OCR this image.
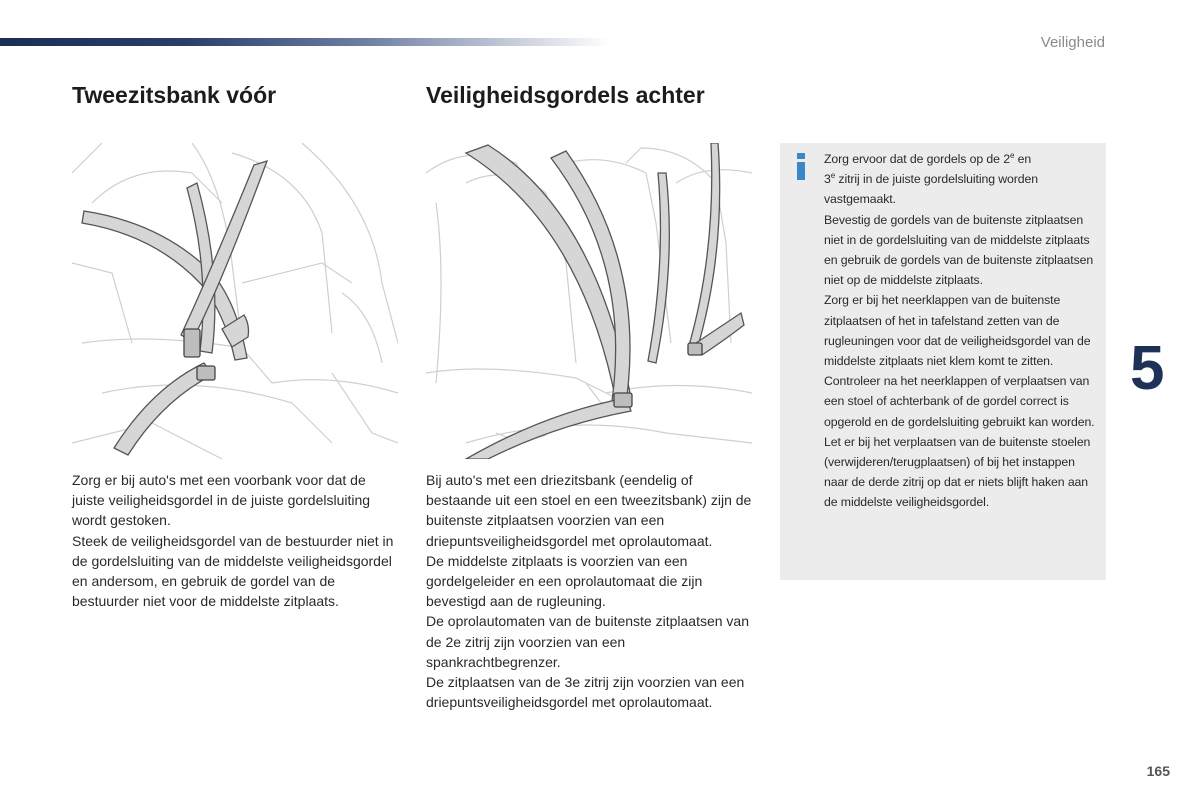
Veiligheid
5
165
Tweezitsbank vóór	Veiligheidsgordels achter

Zorg er bij auto's met een voorbank voor dat de juiste veiligheidsgordel in de juiste gordelsluiting wordt gestoken.

Steek de veiligheidsgordel van de bestuurder niet in de gordelsluiting van de middelste veiligheidsgordel en andersom, en gebruik de gordel van de bestuurder niet voor de middelste zitplaats.

Bij auto's met een driezitsbank (eendelig of bestaande uit een stoel en een tweezitsbank) zijn de buitenste zitplaatsen voorzien van een driepuntsveiligheidsgordel met oprolautomaat.

De middelste zitplaats is voorzien van een gordelgeleider en een oprolautomaat die zijn bevestigd aan de rugleuning.

De oprolautomaten van de buitenste zitplaatsen van de 2e zitrij zijn voorzien van een spankrachtbegrenzer.

De zitplaatsen van de 3e zitrij zijn voorzien van een driepuntsveiligheidsgordel met oprolautomaat.

Zorg ervoor dat de gordels op de 2e en
3e zitrij in de juiste gordelsluiting worden vastgemaakt.

Bevestig de gordels van de buitenste zitplaatsen niet in de gordelsluiting van de middelste zitplaats en gebruik de gordels van de buitenste zitplaatsen niet op de middelste zitplaats.

Zorg er bij het neerklappen van de buitenste zitplaatsen of het in tafelstand zetten van de rugleuningen voor dat de veiligheidsgordel van de middelste zitplaats niet klem komt te zitten.

Controleer na het neerklappen of verplaatsen van een stoel of achterbank of de gordel correct is opgerold en de gordelsluiting gebruikt kan worden.

Let er bij het verplaatsen van de buitenste stoelen (verwijderen/terugplaatsen) of bij het instappen naar de derde zitrij op dat er niets blijft haken aan de middelste veiligheidsgordel.
